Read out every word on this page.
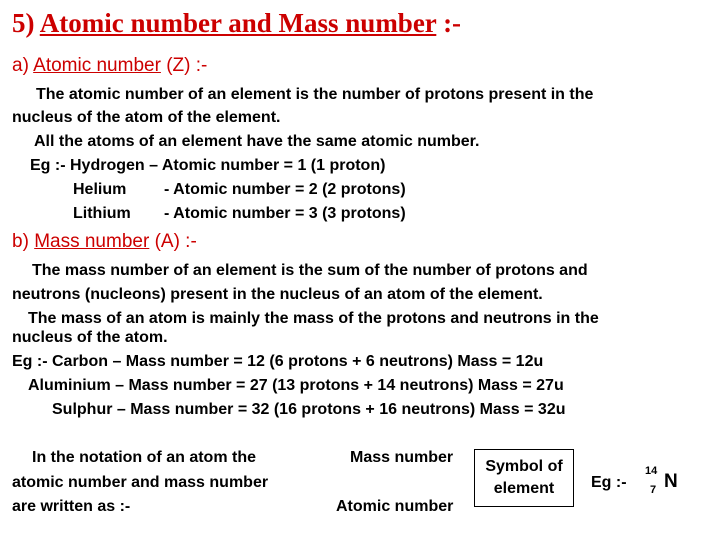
5) Atomic number and Mass number :-
a) Atomic number (Z) :-
The atomic number of an element is the number of protons present in the
nucleus of the atom of the element.
All the atoms of an element have the same atomic number.
Eg :- Hydrogen – Atomic number = 1 (1 proton)
Helium - Atomic number = 2 (2 protons)
Lithium - Atomic number = 3 (3 protons)
b) Mass number (A) :-
The mass number of an element is the sum of the number of protons and
neutrons (nucleons) present in the nucleus of an atom of the element.
The mass of an atom is mainly the mass of the protons and neutrons in the
nucleus of the atom.
Eg :- Carbon – Mass number = 12 (6 protons + 6 neutrons) Mass = 12u
Aluminium – Mass number = 27 (13 protons + 14 neutrons) Mass = 27u
Sulphur – Mass number = 32 (16 protons + 16 neutrons) Mass = 32u
In the notation of an atom the
atomic number and mass number
are written as :-
Mass number
Atomic number
Symbol of
element Eg :-
14
7 N
